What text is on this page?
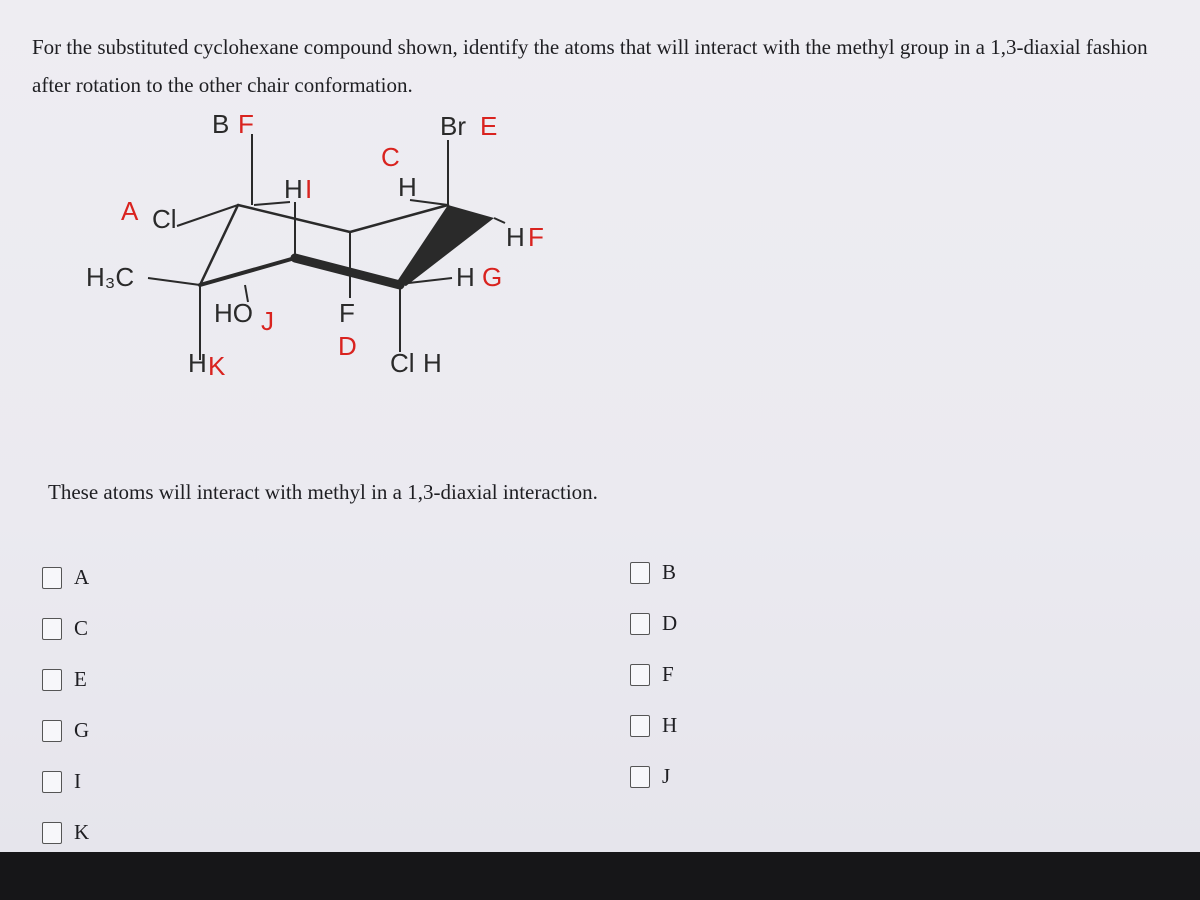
For the substituted cyclohexane compound shown, identify the atoms that will interact with the methyl group in a 1,3-diaxial fashion after rotation to the other chair conformation.
B F	Br E
C
H
H I
A Cl
H F
H₃C	H G
HO J	F
D
H K	Cl H
These atoms will interact with methyl in a 1,3-diaxial interaction.
A
C
E
G
I
K
B
D
F
H
J
